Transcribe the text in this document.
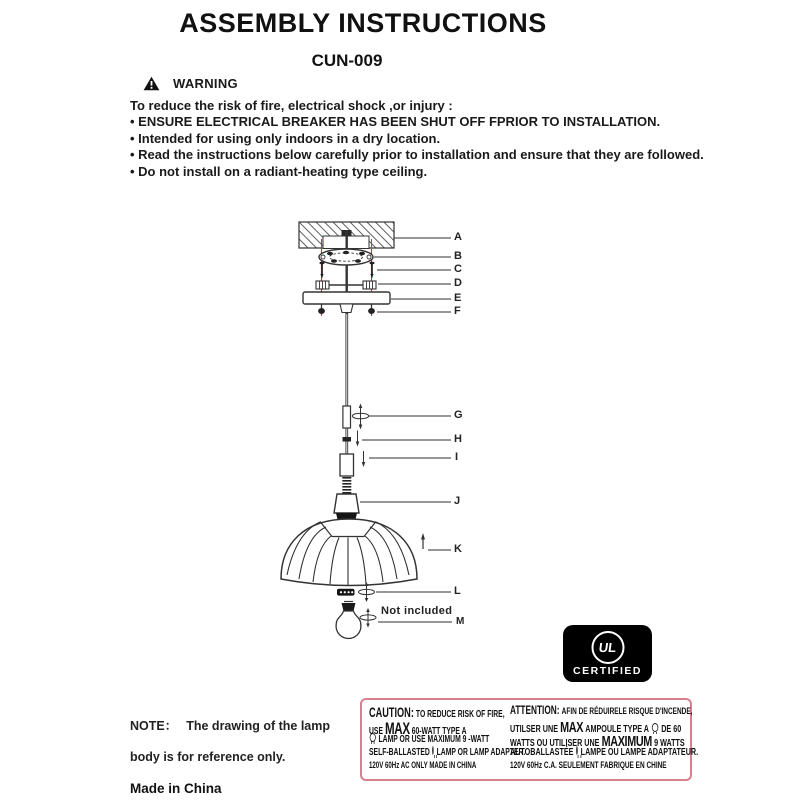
ASSEMBLY INSTRUCTIONS
CUN-009
WARNING
To reduce the risk of fire, electrical shock ,or injury :
• ENSURE ELECTRICAL BREAKER HAS BEEN SHUT OFF FPRIOR TO INSTALLATION.
• Intended for using only indoors in a dry location.
• Read the instructions below carefully prior to installation and ensure that they are followed.
• Do not install on a radiant-heating type ceiling.
A
B
C
D
E
F
G
H
I
J
K
L
M
Not included
UL
CERTIFIED
CAUTION: TO REDUCE RISK OF FIRE,
USE MAX 60-WATT TYPE A
LAMP OR USE MAXIMUM 9 -WATT
SELF-BALLASTED LAMP OR LAMP ADAPTER.
120V 60Hz AC ONLY MADE IN CHINA
ATTENTION: AFIN DE RÉDUIRELE RISQUE D'INCENDE,
UTILSER UNE MAX AMPOULE TYPE A DE 60
WATTS OU UTILISER UNE MAXIMUM 9 WATTS
AUTOBALLASTÉE LAMPE OU LAMPE ADAPTATEUR.
120V 60Hz C.A. SEULEMENT FABRIQUE EN CHINE
NOTE： The drawing of the lamp
body is for reference only.
Made in China
